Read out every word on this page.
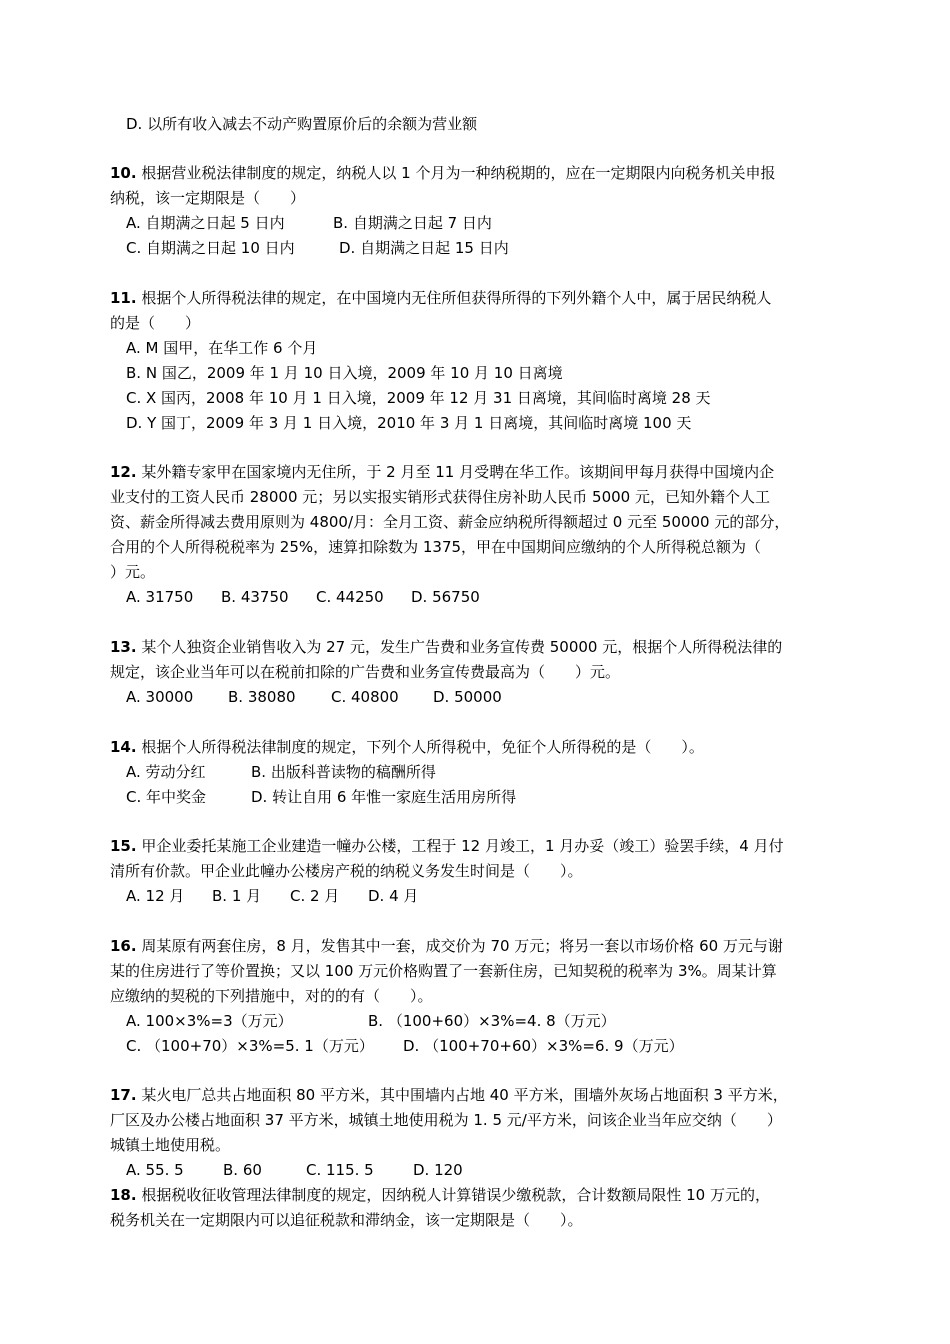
D. 以所有收入减去不动产购置原价后的余额为营业额
10. 根据营业税法律制度的规定，纳税人以 1 个月为一种纳税期的，应在一定期限内向税务机关申报
纳税，该一定期限是（　　）
A. 自期满之日起 5 日内	B. 自期满之日起 7 日内
C. 自期满之日起 10 日内	D. 自期满之日起 15 日内
11. 根据个人所得税法律的规定，在中国境内无住所但获得所得的下列外籍个人中，属于居民纳税人
的是（　　）
A. M 国甲，在华工作 6 个月
B. N 国乙，2009 年 1 月 10 日入境，2009 年 10 月 10 日离境
C. X 国丙，2008 年 10 月 1 日入境，2009 年 12 月 31 日离境，其间临时离境 28 天
D. Y 国丁，2009 年 3 月 1 日入境，2010 年 3 月 1 日离境，其间临时离境 100 天
12. 某外籍专家甲在国家境内无住所，于 2 月至 11 月受聘在华工作。该期间甲每月获得中国境内企
业支付的工资人民币 28000 元；另以实报实销形式获得住房补助人民币 5000 元，已知外籍个人工
资、薪金所得减去费用原则为 4800/月：全月工资、薪金应纳税所得额超过 0 元至 50000 元的部分，
合用的个人所得税税率为 25%，速算扣除数为 1375，甲在中国期间应缴纳的个人所得税总额为（
）元。
A. 31750 B. 43750 C. 44250 D. 56750
13. 某个人独资企业销售收入为 27 元，发生广告费和业务宣传费 50000 元，根据个人所得税法律的
规定，该企业当年可以在税前扣除的广告费和业务宣传费最高为（　　）元。
A. 30000 B. 38080 C. 40800 D. 50000
14. 根据个人所得税法律制度的规定，下列个人所得税中，免征个人所得税的是（　　）。
A. 劳动分红	B. 出版科普读物的稿酬所得
C. 年中奖金	D. 转让自用 6 年惟一家庭生活用房所得
15. 甲企业委托某施工企业建造一幢办公楼，工程于 12 月竣工，1 月办妥（竣工）验罢手续，4 月付
清所有价款。甲企业此幢办公楼房产税的纳税义务发生时间是（　　）。
A. 12 月 B. 1 月 C. 2 月 D. 4 月
16. 周某原有两套住房，8 月，发售其中一套，成交价为 70 万元；将另一套以市场价格 60 万元与谢
某的住房进行了等价置换；又以 100 万元价格购置了一套新住房，已知契税的税率为 3%。周某计算
应缴纳的契税的下列措施中，对的的有（　　）。
A. 100×3%=3（万元）	B. （100+60）×3%=4. 8（万元）
C. （100+70）×3%=5. 1（万元） D. （100+70+60）×3%=6. 9（万元）
17. 某火电厂总共占地面积 80 平方米，其中围墙内占地 40 平方米，围墙外灰场占地面积 3 平方米，
厂区及办公楼占地面积 37 平方米，城镇土地使用税为 1. 5 元/平方米，问该企业当年应交纳（　　）
城镇土地使用税。
A. 55. 5	B. 60	C. 115. 5	D. 120
18. 根据税收征收管理法律制度的规定，因纳税人计算错误少缴税款，合计数额局限性 10 万元的，
税务机关在一定期限内可以追征税款和滞纳金，该一定期限是（　　）。
